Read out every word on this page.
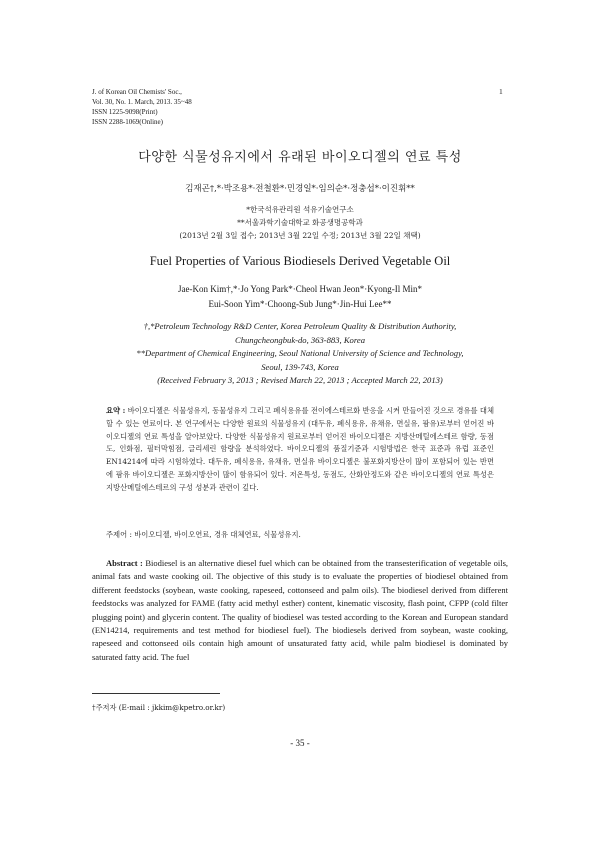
J. of Korean Oil Chemists' Soc.,
Vol. 30, No. 1. March, 2013. 35~48
ISSN 1225-9098(Print)
ISSN 2288-1069(Online)
1
다양한 식물성유지에서 유래된 바이오디젤의 연료 특성
김재곤†,*·박조용*·전철환*·민경일*·임의순*·정충섭*·이진휘**
*한국석유관리원 석유기술연구소
**서울과학기술대학교 화공생명공학과
(2013년 2월 3일 접수; 2013년 3월 22일 수정; 2013년 3월 22일 채택)
Fuel Properties of Various Biodiesels Derived Vegetable Oil
Jae-Kon Kim†,*·Jo Yong Park*·Cheol Hwan Jeon*·Kyong-Il Min*
Eui-Soon Yim*·Choong-Sub Jung*·Jin-Hui Lee**
†,*Petroleum Technology R&D Center, Korea Petroleum Quality & Distribution Authority,
Chungcheongbuk-do, 363-883, Korea
**Department of Chemical Engineering, Seoul National University of Science and Technology,
Seoul, 139-743, Korea
(Received February 3, 2013 ; Revised March 22, 2013 ; Accepted March 22, 2013)
요약 : 바이오디젤은 식물성유지, 동물성유지 그리고 폐식용유를 전이에스테르화 반응을 시켜 만들어진 것으로 경유를 대체할 수 있는 연료이다. 본 연구에서는 다양한 원료의 식물성유지 (대두유, 폐식용유, 유채유, 면실유, 팜유)로부터 얻어진 바이오디젤의 연료 특성을 알아보았다. 다양한 식물성유지 원료로부터 얻어진 바이오디젤은 지방산메틸에스테르 함량, 동점도, 인화점, 필터막힘점, 글리세린 함량을 분석하였다. 바이오디젤의 품질기준과 시험방법은 한국 표준과 유럽 표준인 EN14214에 따라 시험하였다. 대두유, 폐식용유, 유채유, 면실유 바이오디젤은 불포화지방산이 많이 포함되어 있는 반면에 팜유 바이오디젤은 포화지방산이 많이 함유되어 있다. 저온특성, 동점도, 산화안정도와 같은 바이오디젤의 연료 특성은 지방산메틸에스테르의 구성 성분과 관련이 깊다.
주제어 : 바이오디젤, 바이오연료, 경유 대체연료, 식물성유지.
Abstract : Biodiesel is an alternative diesel fuel which can be obtained from the transesterification of vegetable oils, animal fats and waste cooking oil. The objective of this study is to evaluate the properties of biodiesel obtained from different feedstocks (soybean, waste cooking, rapeseed, cottonseed and palm oils). The biodiesel derived from different feedstocks was analyzed for FAME (fatty acid methyl esther) content, kinematic viscosity, flash point, CFPP (cold filter plugging point) and glycerin content. The quality of biodiesel was tested according to the Korean and European standard (EN14214, requirements and test method for biodiesel fuel). The biodiesels derived from soybean, waste cooking, rapeseed and cottonseed oils contain high amount of unsaturated fatty acid, while palm biodiesel is dominated by saturated fatty acid. The fuel
†주저자 (E-mail : jkkim@kpetro.or.kr)
- 35 -
